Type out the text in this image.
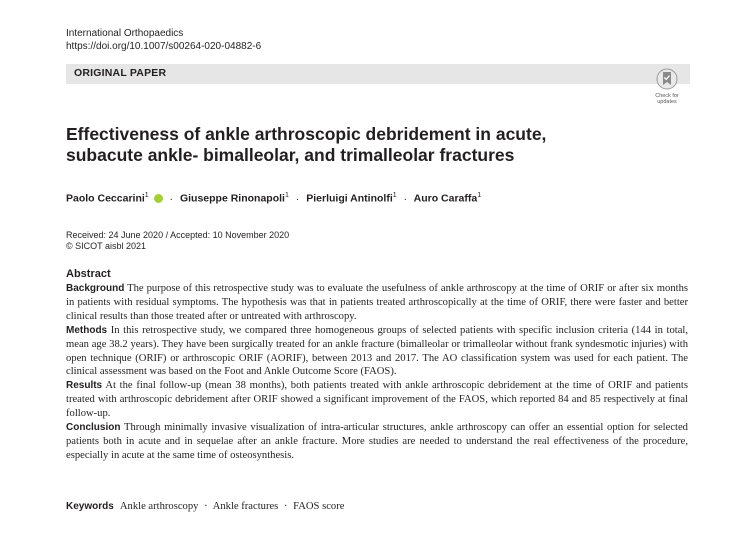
International Orthopaedics
https://doi.org/10.1007/s00264-020-04882-6
ORIGINAL PAPER
Check for
updates
Effectiveness of ankle arthroscopic debridement in acute, subacute ankle- bimalleolar, and trimalleolar fractures
Paolo Ceccarini$^1$ · Giuseppe Rinonapoli$^1$ · Pierluigi Antinolfi$^1$ · Auro Caraffa$^1$
Received: 24 June 2020 / Accepted: 10 November 2020
© SICOT aisbl 2021
Abstract

Background The purpose of this retrospective study was to evaluate the usefulness of ankle arthroscopy at the time of ORIF or after six months in patients with residual symptoms. The hypothesis was that in patients treated arthroscopically at the time of ORIF, there were faster and better clinical results than those treated after or untreated with arthroscopy.

Methods In this retrospective study, we compared three homogeneous groups of selected patients with specific inclusion criteria (144 in total, mean age 38.2 years). They have been surgically treated for an ankle fracture (bimalleolar or trimalleolar without frank syndesmotic injuries) with open technique (ORIF) or arthroscopic ORIF (AORIF), between 2013 and 2017. The AO classification system was used for each patient. The clinical assessment was based on the Foot and Ankle Outcome Score (FAOS).

Results At the final follow-up (mean 38 months), both patients treated with ankle arthroscopic debridement at the time of ORIF and patients treated with arthroscopic debridement after ORIF showed a significant improvement of the FAOS, which reported 84 and 85 respectively at final follow-up.

Conclusion Through minimally invasive visualization of intra-articular structures, ankle arthroscopy can offer an essential option for selected patients both in acute and in sequelae after an ankle fracture. More studies are needed to understand the real effectiveness of the procedure, especially in acute at the same time of osteosynthesis.

Keywords Ankle arthroscopy · Ankle fractures · FAOS score
